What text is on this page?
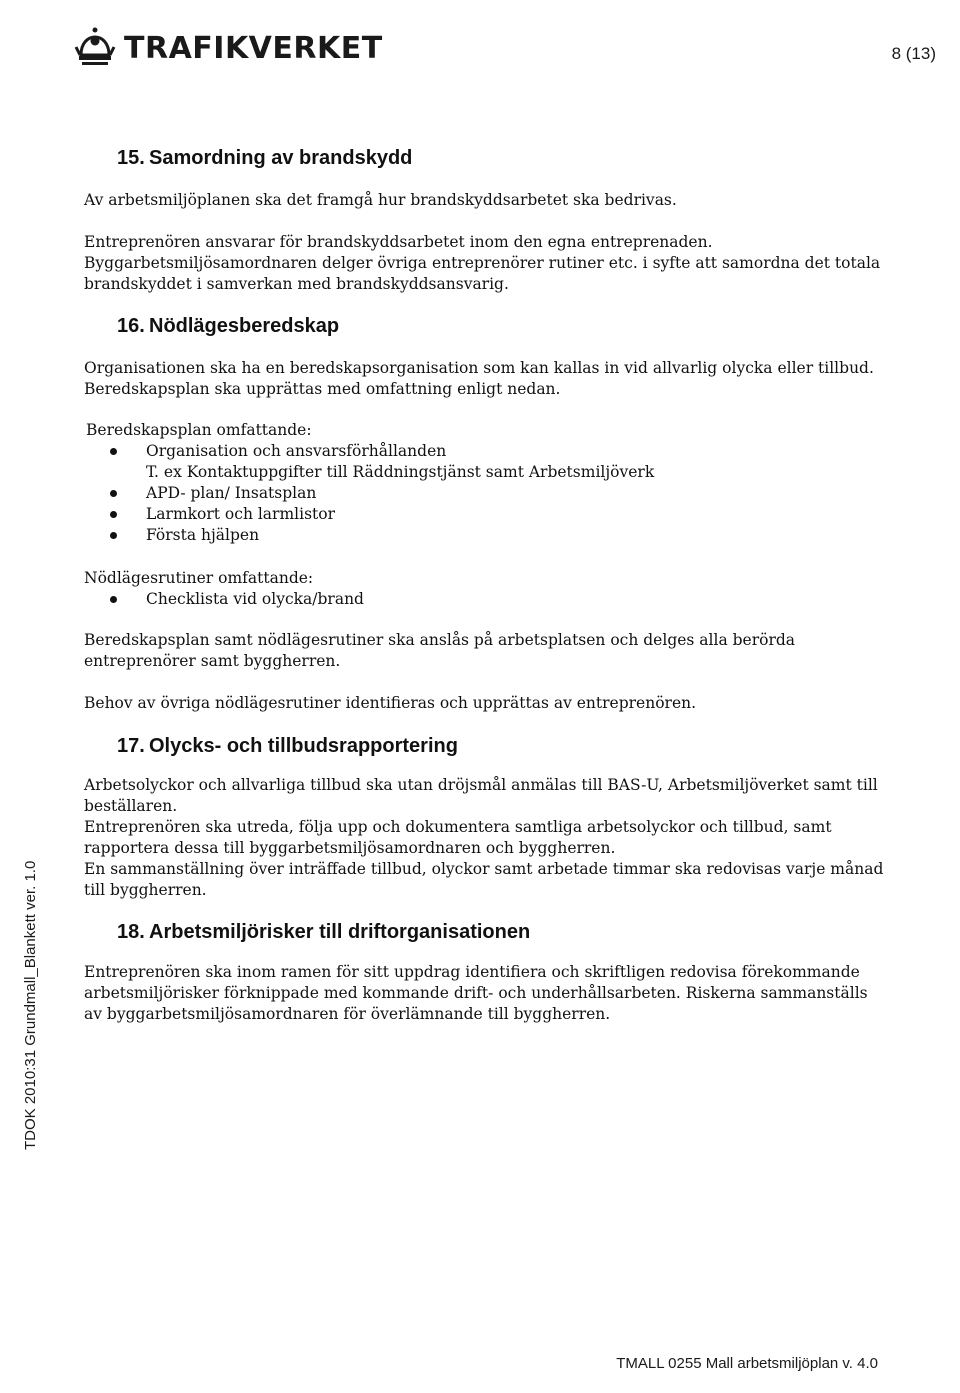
TRAFIKVERKET	8 (13)
TDOK 2010:31 Grundmall_Blankett ver. 1.0
15. Samordning av brandskydd
Av arbetsmiljöplanen ska det framgå hur brandskyddsarbetet ska bedrivas.
Entreprenören ansvarar för brandskyddsarbetet inom den egna entreprenaden.
Byggarbetsmiljösamordnaren delger övriga entreprenörer rutiner etc. i syfte att samordna det totala
brandskyddet i samverkan med brandskyddsansvarig.
16. Nödlägesberedskap
Organisationen ska ha en beredskapsorganisation som kan kallas in vid allvarlig olycka eller tillbud.
Beredskapsplan ska upprättas med omfattning enligt nedan.
Beredskapsplan omfattande:
Organisation och ansvarsförhållanden
T. ex Kontaktuppgifter till Räddningstjänst samt Arbetsmiljöverk
APD- plan/ Insatsplan
Larmkort och larmlistor
Första hjälpen
Nödlägesrutiner omfattande:
Checklista vid olycka/brand
Beredskapsplan samt nödlägesrutiner ska anslås på arbetsplatsen och delges alla berörda
entreprenörer samt byggherren.
Behov av övriga nödlägesrutiner identifieras och upprättas av entreprenören.
17. Olycks- och tillbudsrapportering
Arbetsolyckor och allvarliga tillbud ska utan dröjsmål anmälas till BAS-U, Arbetsmiljöverket samt till
beställaren.
Entreprenören ska utreda, följa upp och dokumentera samtliga arbetsolyckor och tillbud, samt
rapportera dessa till byggarbetsmiljösamordnaren och byggherren.
En sammanställning över inträffade tillbud, olyckor samt arbetade timmar ska redovisas varje månad
till byggherren.
18. Arbetsmiljörisker till driftorganisationen
Entreprenören ska inom ramen för sitt uppdrag identifiera och skriftligen redovisa förekommande
arbetsmiljörisker förknippade med kommande drift- och underhållsarbeten. Riskerna sammanställs
av byggarbetsmiljösamordnaren för överlämnande till byggherren.
TMALL 0255 Mall arbetsmiljöplan v. 4.0
